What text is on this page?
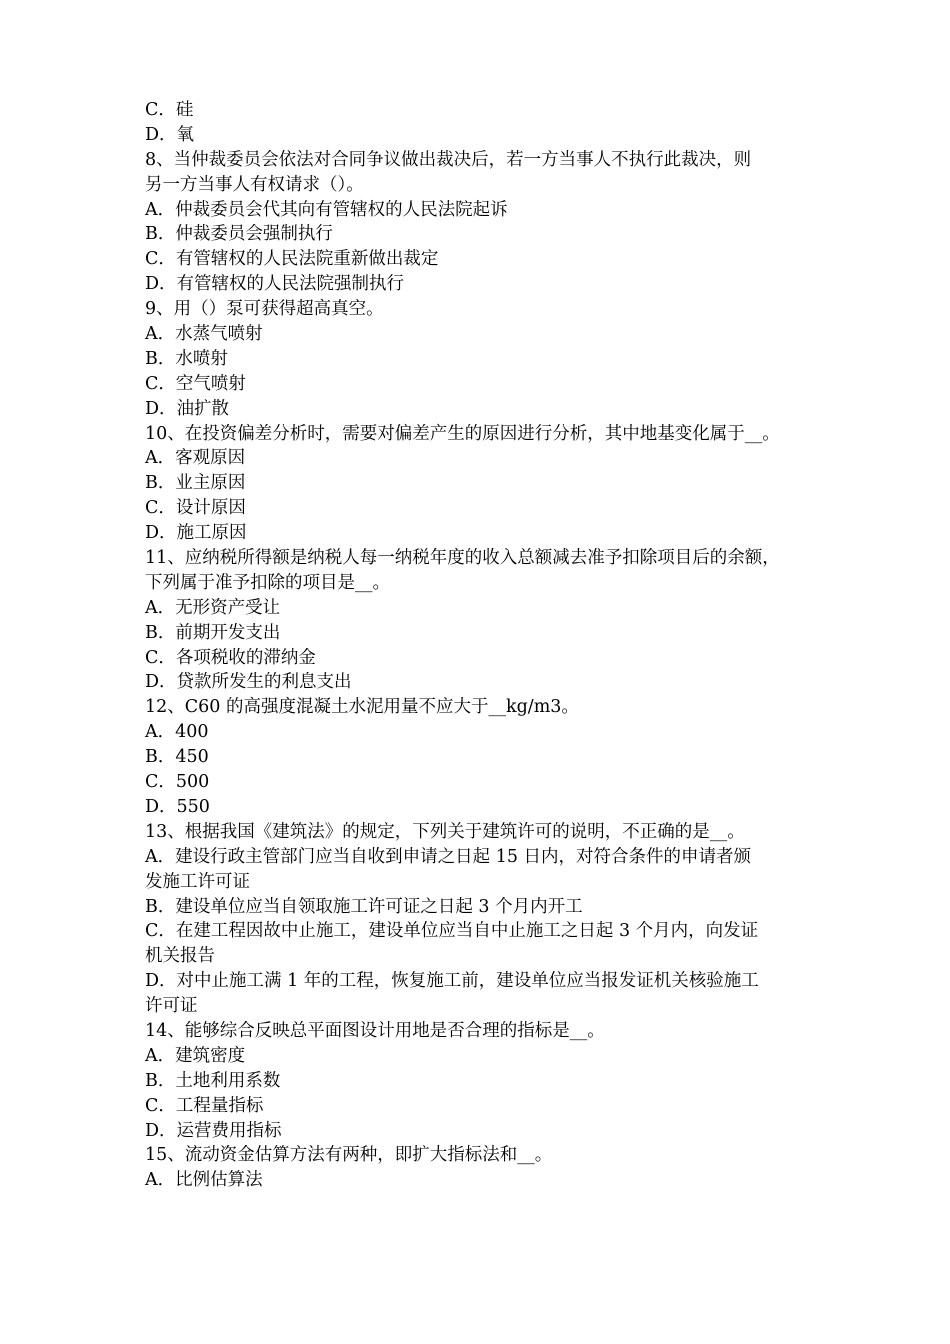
C．硅
D．氧
8、当仲裁委员会依法对合同争议做出裁决后，若一方当事人不执行此裁决，则
另一方当事人有权请求（）。
A．仲裁委员会代其向有管辖权的人民法院起诉
B．仲裁委员会强制执行
C．有管辖权的人民法院重新做出裁定
D．有管辖权的人民法院强制执行
9、用（）泵可获得超高真空。
A．水蒸气喷射
B．水喷射
C．空气喷射
D．油扩散
10、在投资偏差分析时，需要对偏差产生的原因进行分析，其中地基变化属于__。
A．客观原因
B．业主原因
C．设计原因
D．施工原因
11、应纳税所得额是纳税人每一纳税年度的收入总额减去准予扣除项目后的余额，
下列属于准予扣除的项目是__。
A．无形资产受让
B．前期开发支出
C．各项税收的滞纳金
D．贷款所发生的利息支出
12、C60 的高强度混凝土水泥用量不应大于__kg/m3。
A．400
B．450
C．500
D．550
13、根据我国《建筑法》的规定，下列关于建筑许可的说明，不正确的是__。
A．建设行政主管部门应当自收到申请之日起 15 日内，对符合条件的申请者颁
发施工许可证
B．建设单位应当自领取施工许可证之日起 3 个月内开工
C．在建工程因故中止施工，建设单位应当自中止施工之日起 3 个月内，向发证
机关报告
D．对中止施工满 1 年的工程，恢复施工前，建设单位应当报发证机关核验施工
许可证
14、能够综合反映总平面图设计用地是否合理的指标是__。
A．建筑密度
B．土地利用系数
C．工程量指标
D．运营费用指标
15、流动资金估算方法有两种，即扩大指标法和__。
A．比例估算法
